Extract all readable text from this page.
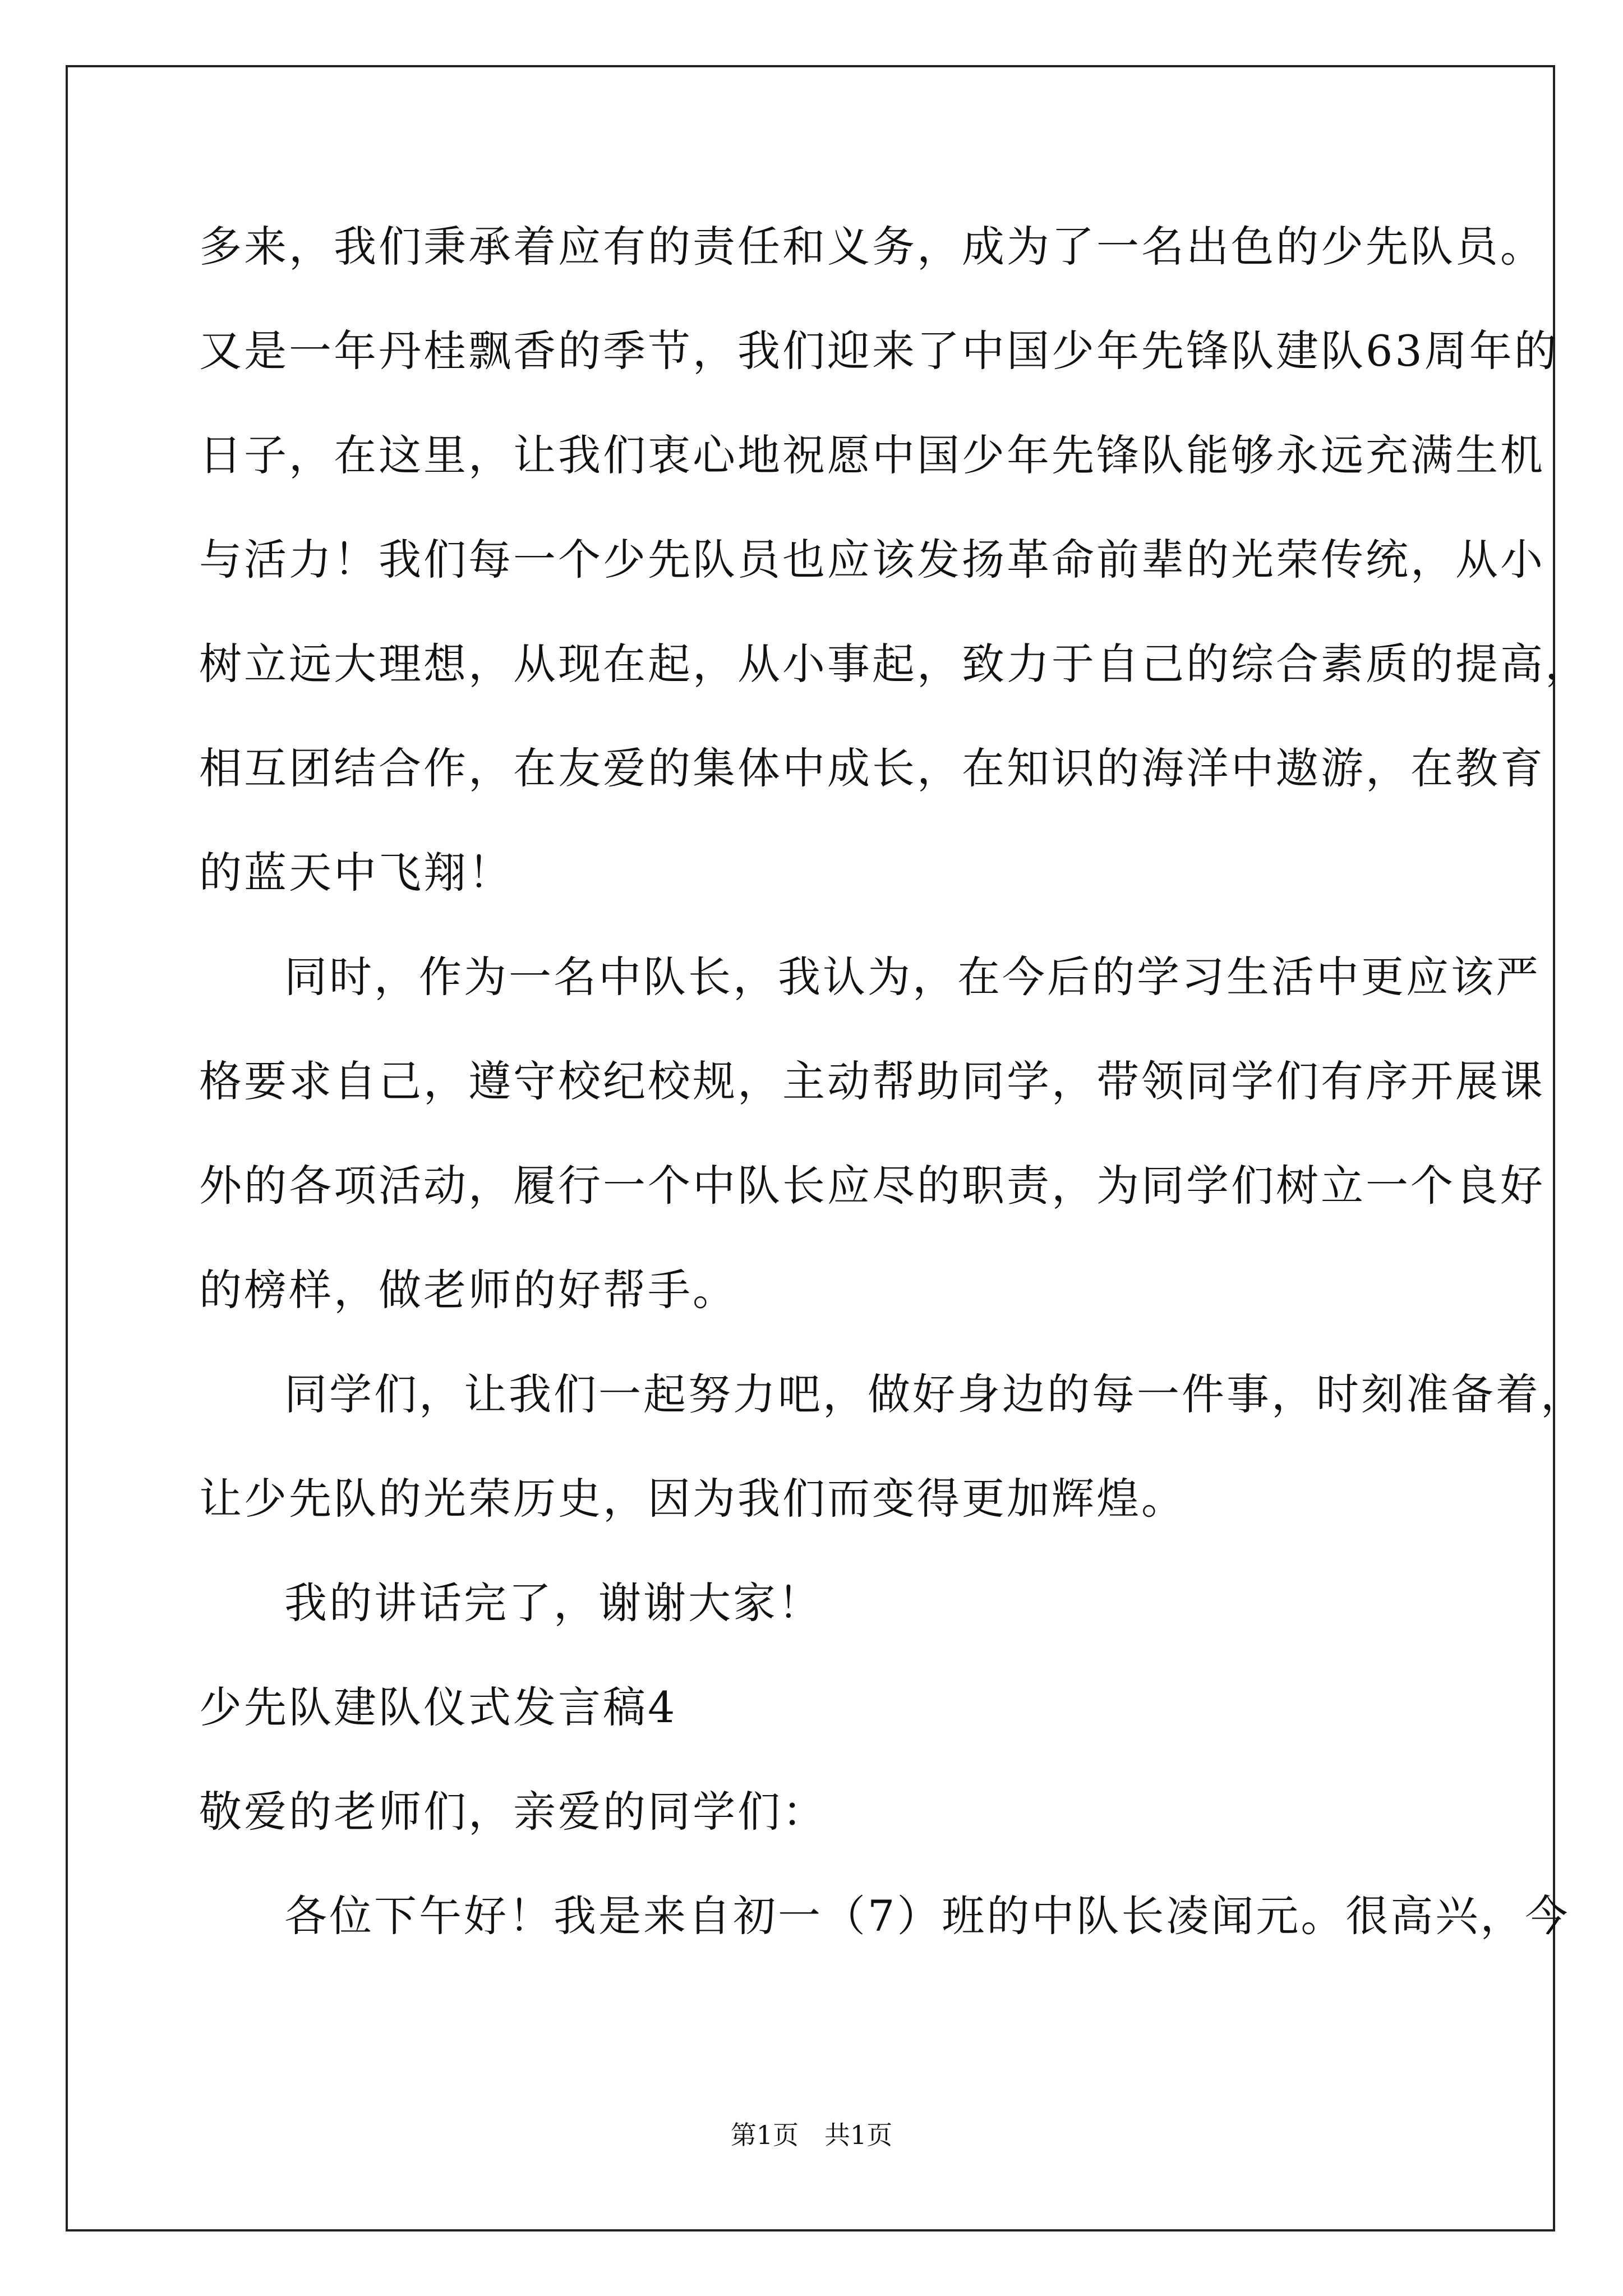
多来，我们秉承着应有的责任和义务，成为了一名出色的少先队员。
又是一年丹桂飘香的季节，我们迎来了中国少年先锋队建队63周年的
日子，在这里，让我们衷心地祝愿中国少年先锋队能够永远充满生机
与活力！我们每一个少先队员也应该发扬革命前辈的光荣传统，从小
树立远大理想，从现在起，从小事起，致力于自己的综合素质的提高，
相互团结合作，在友爱的集体中成长，在知识的海洋中遨游，在教育
的蓝天中飞翔！
同时，作为一名中队长，我认为，在今后的学习生活中更应该严
格要求自己，遵守校纪校规，主动帮助同学，带领同学们有序开展课
外的各项活动，履行一个中队长应尽的职责，为同学们树立一个良好
的榜样，做老师的好帮手。
同学们，让我们一起努力吧，做好身边的每一件事，时刻准备着，
让少先队的光荣历史，因为我们而变得更加辉煌。
我的讲话完了，谢谢大家！
少先队建队仪式发言稿4
敬爱的老师们，亲爱的同学们：
各位下午好！我是来自初一（7）班的中队长凌闻元。很高兴，今
第1页　共1页
